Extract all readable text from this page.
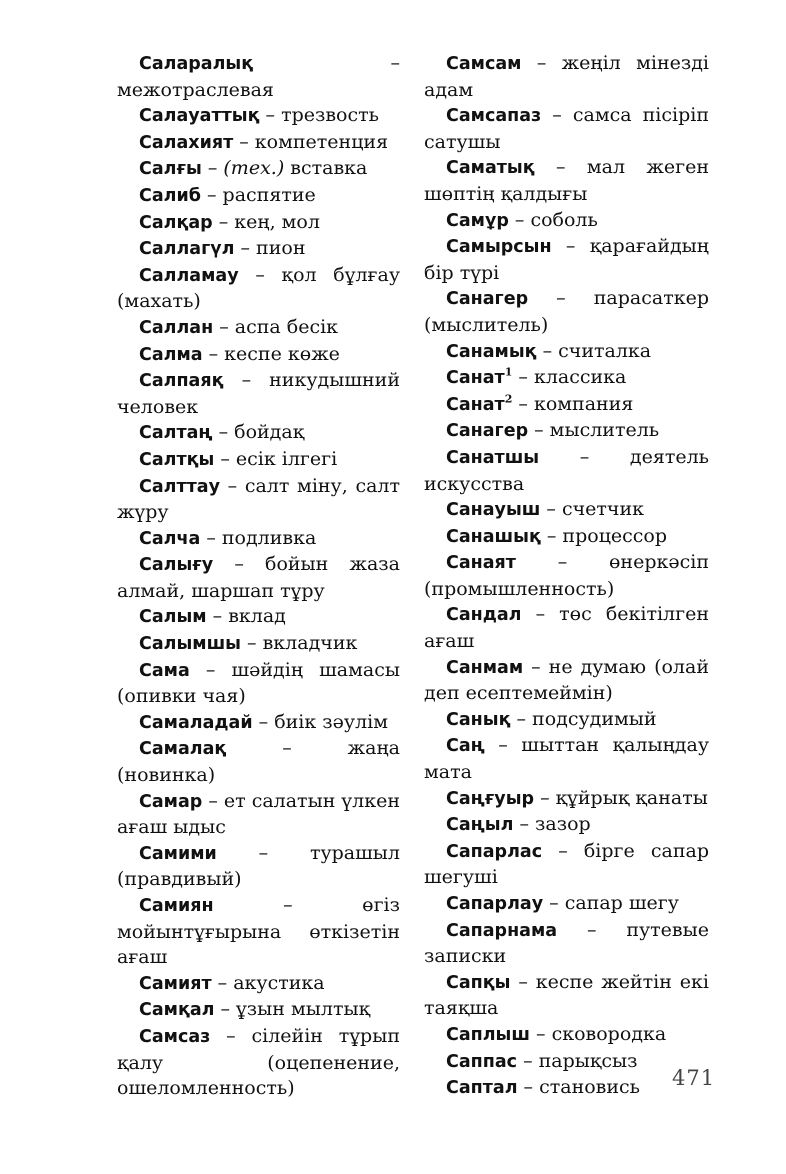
Саларалық – межотраслевая

Салауаттық – трезвость

Салахият – компетенция

Салғы – (тех.) вставка

Салиб – распятие

Салқар – кең, мол

Саллагүл – пион

Салламау – қол бұлғау (махать)

Саллан – аспа бесік

Салма – кеспе көже

Салпаяқ – никудышний человек

Салтаң – бойдақ

Салтқы – есік ілгегі

Салттау – салт міну, салт жүру

Салча – подливка

Салығу – бойын жаза алмай, шаршап тұру

Салым – вклад

Салымшы – вкладчик

Сама – шәйдің шамасы (опивки чая)

Самаладай – биік зәулім

Самалақ – жаңа (новинка)

Самар – ет салатын үлкен ағаш ыдыс

Самими – турашыл (правдивый)

Самиян – өгіз мойынтұғырына өткізетін ағаш

Самият – акустика

Самқал – ұзын мылтық

Самсаз – сілейін тұрып қалу (оцепенение, ошеломленность)

Самсам – жеңіл мінезді адам

Самсапаз – самса пісіріп сатушы

Саматық – мал жеген шөптің қалдығы

Самұр – соболь

Самырсын – қарағайдың бір түрі

Санагер – парасаткер (мыслитель)

Санамық – считалка

Санат$^1$ – классика

Санат$^2$ – компания

Санагер – мыслитель

Санатшы – деятель искусства

Санауыш – счетчик

Санашық – процессор

Санаят – өнеркәсіп (промышленность)

Сандал – төс бекітілген ағаш

Санмам – не думаю (олай деп есептемеймін)

Санық – подсудимый

Саң – шыттан қалыңдау мата

Саңғуыр – құйрық қанаты

Саңыл – зазор

Сапарлас – бірге сапар шегуші

Сапарлау – сапар шегу

Сапарнама – путевые записки

Сапқы – кеспе жейтін екі таяқша

Саплыш – сковородка

Саппас – парықсыз

Саптал – становись	471
